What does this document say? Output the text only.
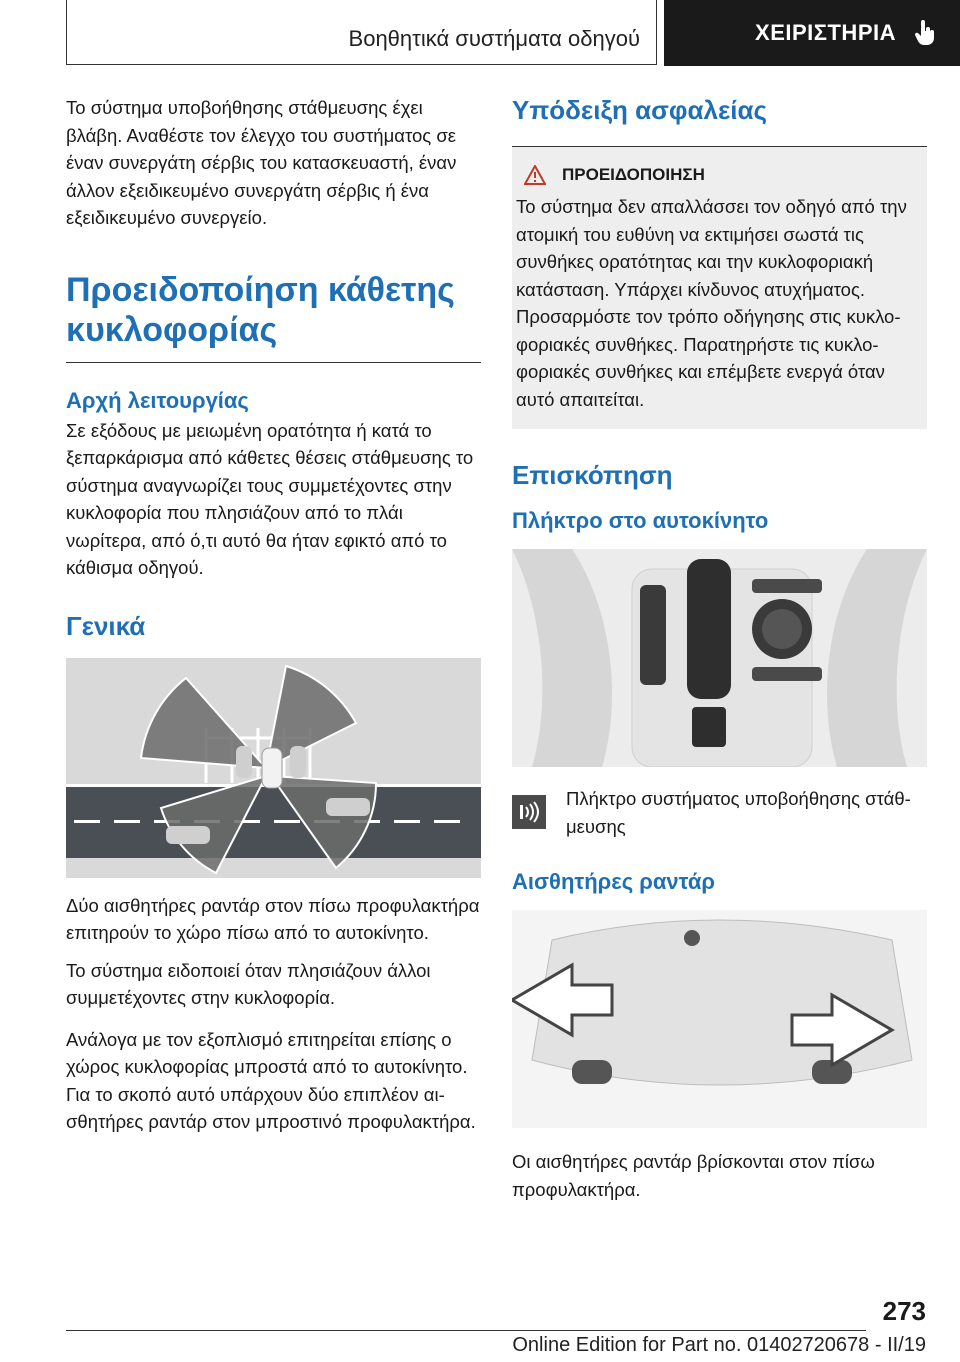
Βοηθητικά συστήματα οδηγού	ΧΕΙΡΙΣΤΗΡΙΑ

Το σύστημα υποβοήθησης στάθμευσης έχει βλάβη. Αναθέστε τον έλεγχο του συστήματος σε έναν συνεργάτη σέρβις του κατασκευαστή, έναν άλλον εξειδικευμένο συνεργάτη σέρβις ή ένα εξειδικευμένο συνεργείο.

Προειδοποίηση κάθετης
κυκλοφορίας
Αρχή λειτουργίας

Σε εξόδους με μειωμένη ορατότητα ή κατά το ξεπαρκάρισμα από κάθετες θέσεις στάθμευσης το σύστημα αναγνωρίζει τους συμμετέχοντες στην κυκλοφορία που πλησιάζουν από το πλάι νωρίτερα, από ό,τι αυτό θα ήταν εφικτό από το κάθισμα οδηγού.

Γενικά

Δύο αισθητήρες ραντάρ στον πίσω προφυλακτήρα επιτηρούν το χώρο πίσω από το αυτοκίνητο.

Το σύστημα ειδοποιεί όταν πλησιάζουν άλλοι συμμετέχοντες στην κυκλοφορία.

Ανάλογα με τον εξοπλισμό επιτηρείται επίσης ο χώρος κυκλοφορίας μπροστά από το αυτοκίνητο. Για το σκοπό αυτό υπάρχουν δύο επιπλέον αισθητήρες ραντάρ στον μπροστινό προφυλακτήρα.

Υπόδειξη ασφαλείας
ΠΡΟΕΙΔΟΠΟΙΗΣΗ

Το σύστημα δεν απαλλάσσει τον οδηγό από την ατομική του ευθύνη να εκτιμήσει σωστά τις συνθήκες ορατότητας και την κυκλοφοριακή κατάσταση. Υπάρχει κίνδυνος ατυχήματος. Προσαρμόστε τον τρόπο οδήγησης στις κυκλοφοριακές συνθήκες. Παρατηρήστε τις κυκλοφοριακές συνθήκες και επέμβετε ενεργά όταν αυτό απαιτείται.

Επισκόπηση
Πλήκτρο στο αυτοκίνητο

Πλήκτρο συστήματος υποβοήθησης στάθμευσης

Αισθητήρες ραντάρ

Οι αισθητήρες ραντάρ βρίσκονται στον πίσω προφυλακτήρα.

273
Online Edition for Part no. 01402720678 - II/19
